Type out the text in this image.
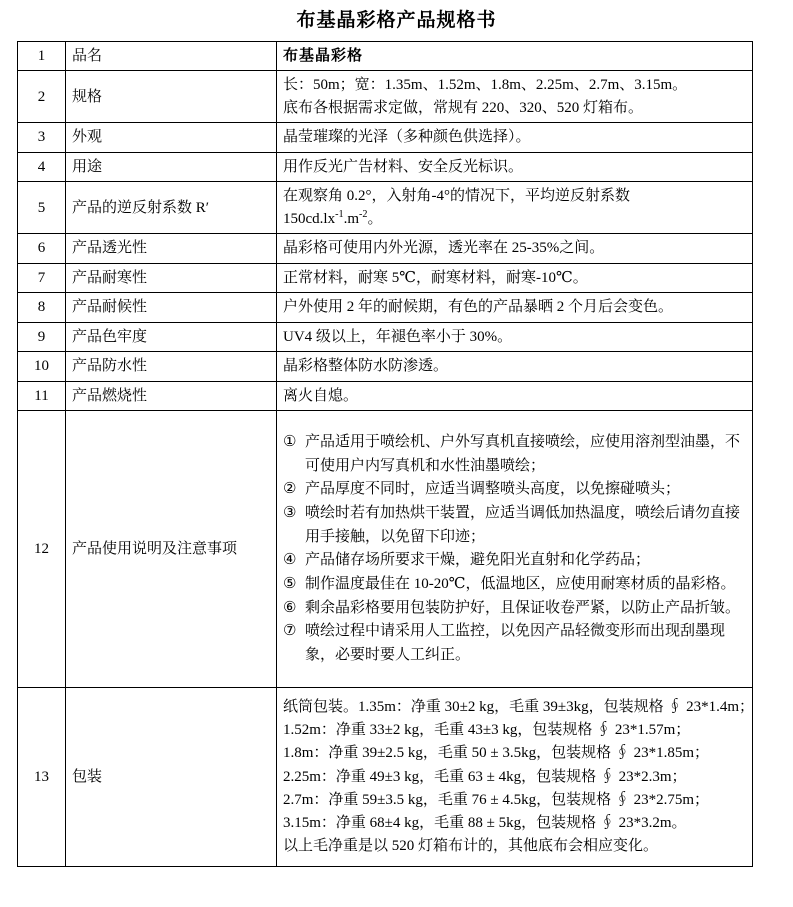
布基晶彩格产品规格书
1	品名	布基晶彩格
2	规格	长：50m；宽：1.35m、1.52m、1.8m、2.25m、2.7m、3.15m。
底布各根据需求定做，常规有 220、320、520 灯箱布。

3	外观	晶莹璀璨的光泽（多种颜色供选择）。
4	用途	用作反光广告材料、安全反光标识。
5	产品的逆反射系数 R′	在观察角 0.2°，入射角-4°的情况下，平均逆反射系数
$150cd.lx^{-1}.m^{-2}$。

6	产品透光性	晶彩格可使用内外光源，透光率在 25-35%之间。
7	产品耐寒性	正常材料，耐寒 5℃，耐寒材料，耐寒-10℃。
8	产品耐候性	户外使用 2 年的耐候期，有色的产品暴晒 2 个月后会变色。
9	产品色牢度	UV4 级以上，年褪色率小于 30%。
10	产品防水性	晶彩格整体防水防渗透。
11	产品燃烧性	离火自熄。
12	产品使用说明及注意事项	
① 产品适用于喷绘机、户外写真机直接喷绘，应使用溶剂型油墨，不可使用户内写真机和水性油墨喷绘；
② 产品厚度不同时，应适当调整喷头高度，以免擦碰喷头；
③ 喷绘时若有加热烘干装置，应适当调低加热温度，喷绘后请勿直接用手接触，以免留下印迹；
④ 产品储存场所要求干燥，避免阳光直射和化学药品；
⑤ 制作温度最佳在 10-20℃，低温地区，应使用耐寒材质的晶彩格。
⑥ 剩余晶彩格要用包装防护好，且保证收卷严紧，以防止产品折皱。
⑦ 喷绘过程中请采用人工监控，以免因产品轻微变形而出现刮墨现象，必要时要人工纠正。

13	包装	
纸筒包装。1.35m：净重 30±2 kg，毛重 39±3kg，包装规格 ∮ 23*1.4m；
1.52m：净重 33±2 kg，毛重 43±3 kg，包装规格 ∮ 23*1.57m；
1.8m：净重 39±2.5 kg，毛重 50 ± 3.5kg，包装规格 ∮ 23*1.85m；
2.25m：净重 49±3 kg，毛重 63 ± 4kg，包装规格 ∮ 23*2.3m；
2.7m：净重 59±3.5 kg，毛重 76 ± 4.5kg，包装规格 ∮ 23*2.75m；
3.15m：净重 68±4 kg，毛重 88 ± 5kg，包装规格 ∮ 23*3.2m。
以上毛净重是以 520 灯箱布计的，其他底布会相应变化。
